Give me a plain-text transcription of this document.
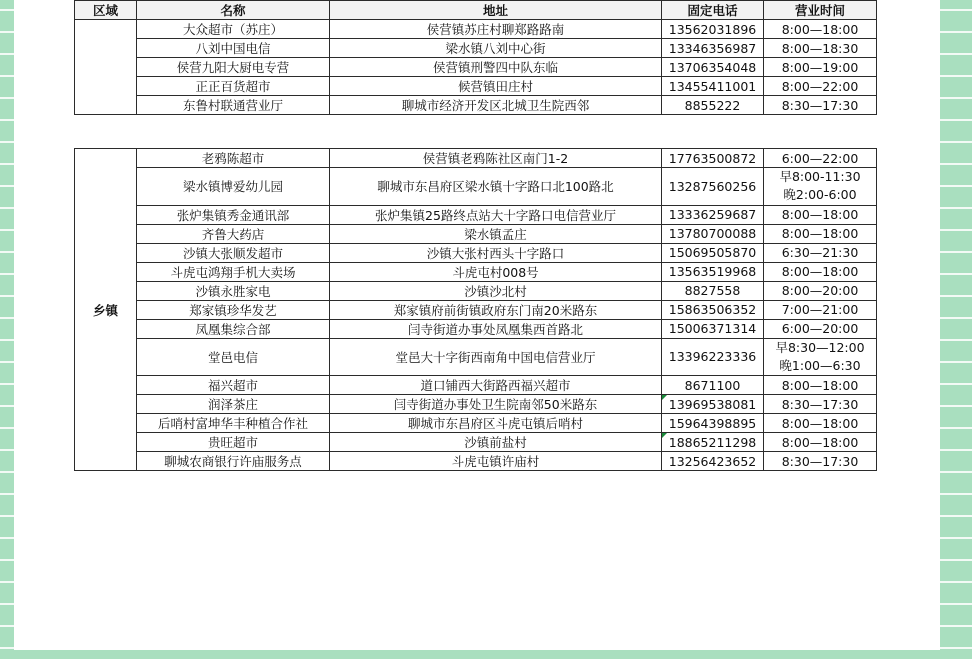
区域	名称	地址	固定电话	营业时间
	大众超市（苏庄）	侯营镇苏庄村聊郑路路南	13562031896	8:00—18:00
	八刘中国电信	梁水镇八刘中心街	13346356987	8:00—18:30
	侯营九阳大厨电专营	侯营镇刑警四中队东临	13706354048	8:00—19:00
	正正百货超市	候营镇田庄村	13455411001	8:00—22:00
	东鲁村联通营业厅	聊城市经济开发区北城卫生院西邻	8855222	8:30—17:30
乡镇	老鸦陈超市	侯营镇老鸦陈社区南门1-2	17763500872	6:00—22:00
	梁水镇博爱幼儿园	聊城市东昌府区梁水镇十字路口北100路北	13287560256	早8:00-11:30
晚2:00-6:00

	张炉集镇秀金通讯部	张炉集镇25路终点站大十字路口电信营业厅	13336259687	8:00—18:00
	齐鲁大药店	梁水镇孟庄	13780700088	8:00—18:00
	沙镇大张顺发超市	沙镇大张村西头十字路口	15069505870	6:30—21:30
	斗虎屯鸿翔手机大卖场	斗虎屯村008号	13563519968	8:00—18:00
	沙镇永胜家电	沙镇沙北村	8827558	8:00—20:00
	郑家镇珍华发艺	郑家镇府前街镇政府东门南20米路东	15863506352	7:00—21:00
	凤凰集综合部	闫寺街道办事处凤凰集西首路北	15006371314	6:00—20:00
	堂邑电信	堂邑大十字街西南角中国电信营业厅	13396223336	早8:30—12:00
晚1:00—6:30

	福兴超市	道口铺西大街路西福兴超市	8671100	8:00—18:00
	润泽茶庄	闫寺街道办事处卫生院南邻50米路东	13969538081	8:30—17:30
	后哨村富坤华丰种植合作社	聊城市东昌府区斗虎屯镇后哨村	15964398895	8:00—18:00
	贵旺超市	沙镇前盐村	18865211298	8:00—18:00
	聊城农商银行许庙服务点	斗虎屯镇许庙村	13256423652	8:30—17:30
